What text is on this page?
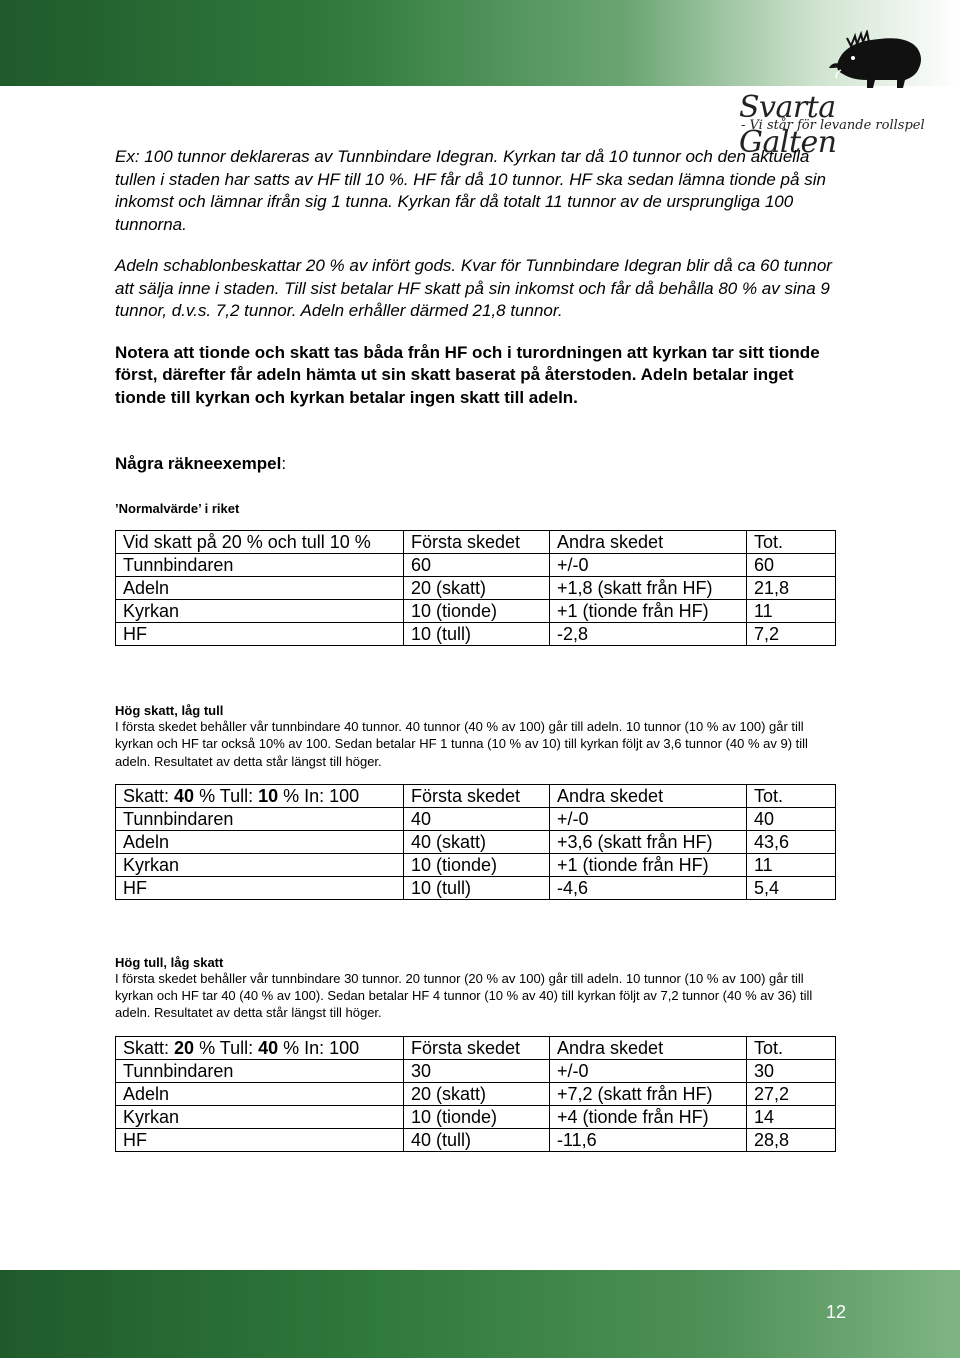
Svarta Galten
- Vi står för levande rollspel

Ex: 100 tunnor deklareras av Tunnbindare Idegran. Kyrkan tar då 10 tunnor och den aktuella tullen i staden har satts av HF till 10 %. HF får då 10 tunnor. HF ska sedan lämna tionde på sin inkomst och lämnar ifrån sig 1 tunna. Kyrkan får då totalt 11 tunnor av de ursprungliga 100 tunnorna.

Adeln schablonbeskattar 20 % av infört gods. Kvar för Tunnbindare Idegran blir då ca 60 tunnor att sälja inne i staden. Till sist betalar HF skatt på sin inkomst och får då behålla 80 % av sina 9 tunnor, d.v.s. 7,2 tunnor. Adeln erhåller därmed 21,8 tunnor.

Notera att tionde och skatt tas båda från HF och i turordningen att kyrkan tar sitt tionde först, därefter får adeln hämta ut sin skatt baserat på återstoden. Adeln betalar inget tionde till kyrkan och kyrkan betalar ingen skatt till adeln.

Några räkneexempel:
’Normalvärde’ i riket
Vid skatt på 20 % och tull 10 %	Första skedet	Andra skedet	Tot.
Tunnbindaren	60	+/-0	60
Adeln	20 (skatt)	+1,8 (skatt från HF)	21,8
Kyrkan	10 (tionde)	+1 (tionde från HF)	11
HF	10 (tull)	-2,8	7,2
Hög skatt, låg tull
I första skedet behåller vår tunnbindare 40 tunnor. 40 tunnor (40 % av 100) går till adeln. 10 tunnor (10 % av 100) går till kyrkan och HF tar också 10% av 100. Sedan betalar HF 1 tunna (10 % av 10) till kyrkan följt av 3,6 tunnor (40 % av 9) till adeln. Resultatet av detta står längst till höger.
Skatt: 40 % Tull: 10 % In: 100	Första skedet	Andra skedet	Tot.
Tunnbindaren	40	+/-0	40
Adeln	40 (skatt)	+3,6 (skatt från HF)	43,6
Kyrkan	10 (tionde)	+1 (tionde från HF)	11
HF	10 (tull)	-4,6	5,4
Hög tull, låg skatt
I första skedet behåller vår tunnbindare 30 tunnor. 20 tunnor (20 % av 100) går till adeln. 10 tunnor (10 % av 100) går till kyrkan och HF tar 40 (40 % av 100). Sedan betalar HF 4 tunnor (10 % av 40) till kyrkan följt av 7,2 tunnor (40 % av 36) till adeln. Resultatet av detta står längst till höger.
Skatt: 20 % Tull: 40 % In: 100	Första skedet	Andra skedet	Tot.
Tunnbindaren	30	+/-0	30
Adeln	20 (skatt)	+7,2 (skatt från HF)	27,2
Kyrkan	10 (tionde)	+4 (tionde från HF)	14
HF	40 (tull)	-11,6	28,8
12
